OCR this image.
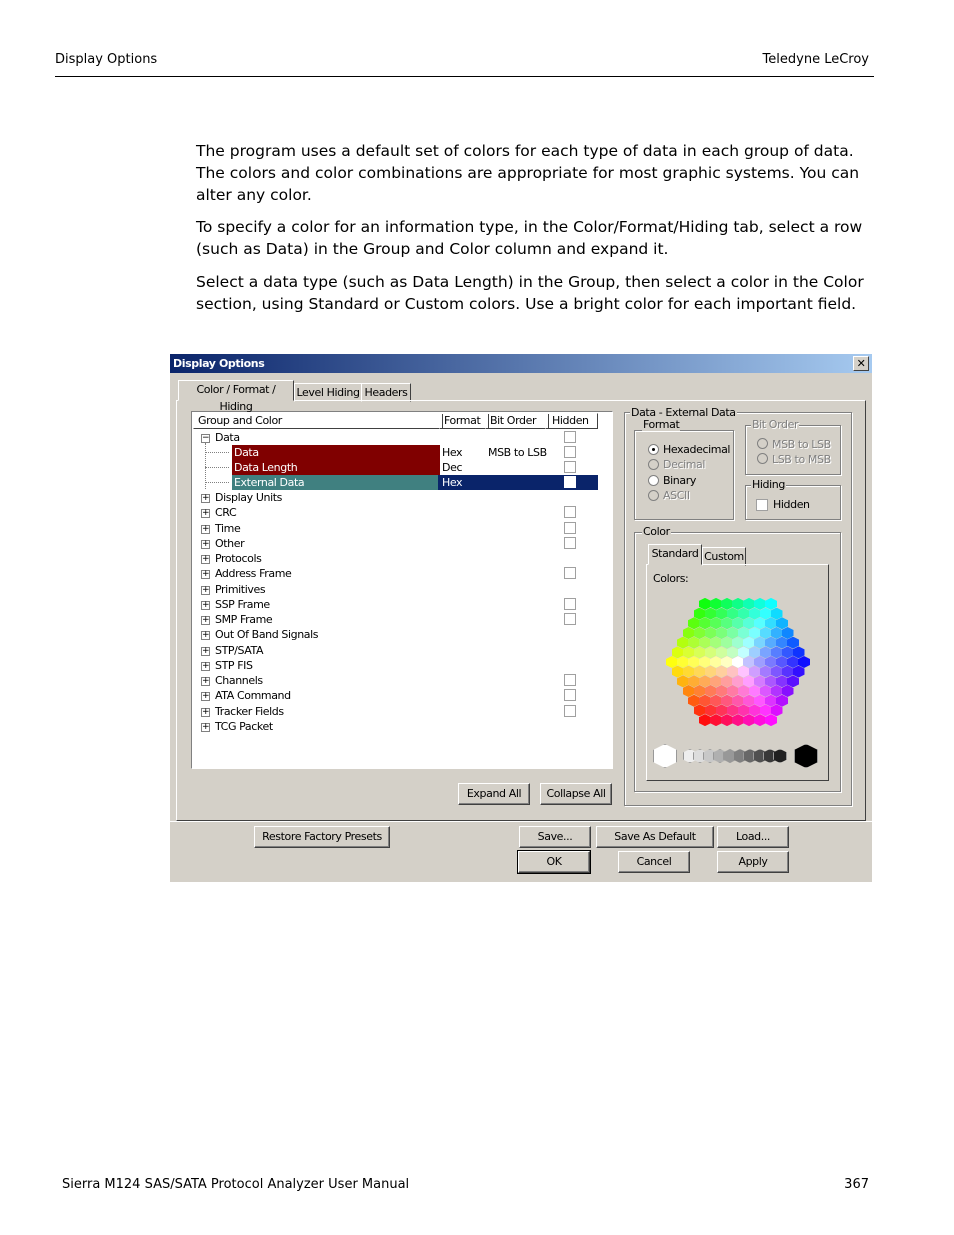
Display Options	Teledyne LeCroy

The program uses a default set of colors for each type of data in each group of data. The colors and color combinations are appropriate for most graphic systems. You can alter any color.

To specify a color for an information type, in the Color/Format/Hiding tab, select a row (such as Data) in the Group and Color column and expand it.

Select a data type (such as Data Length) in the Group, then select a color in the Color section, using Standard or Custom colors. Use a bright color for each important field.

Display Options	✕
Color / Format / Hiding
Level Hiding Headers
Group and Color	Format Bit Order	Hidden
− Data
Data	Hex MSB to LSB
Data Length	Dec
External Data	Hex
+ Display Units
+ CRC
+ Time
+ Other
+ Protocols
+ Address Frame
+ Primitives
+ SSP Frame
+ SMP Frame
+ Out Of Band Signals
+ STP/SATA
+ STP FIS
+ Channels
+ ATA Command
+ Tracker Fields
+ TCG Packet
Expand All	Collapse All
Data - External Data
Format
Hexadecimal
Decimal
Binary
ASCII
Bit Order
MSB to LSB
LSB to MSB
Hiding
Hidden
Color
Standard Custom
Colors:
Restore Factory Presets	Save...	Save As Default	Load...
OK	Cancel	Apply
Sierra M124 SAS/SATA Protocol Analyzer User Manual	367
